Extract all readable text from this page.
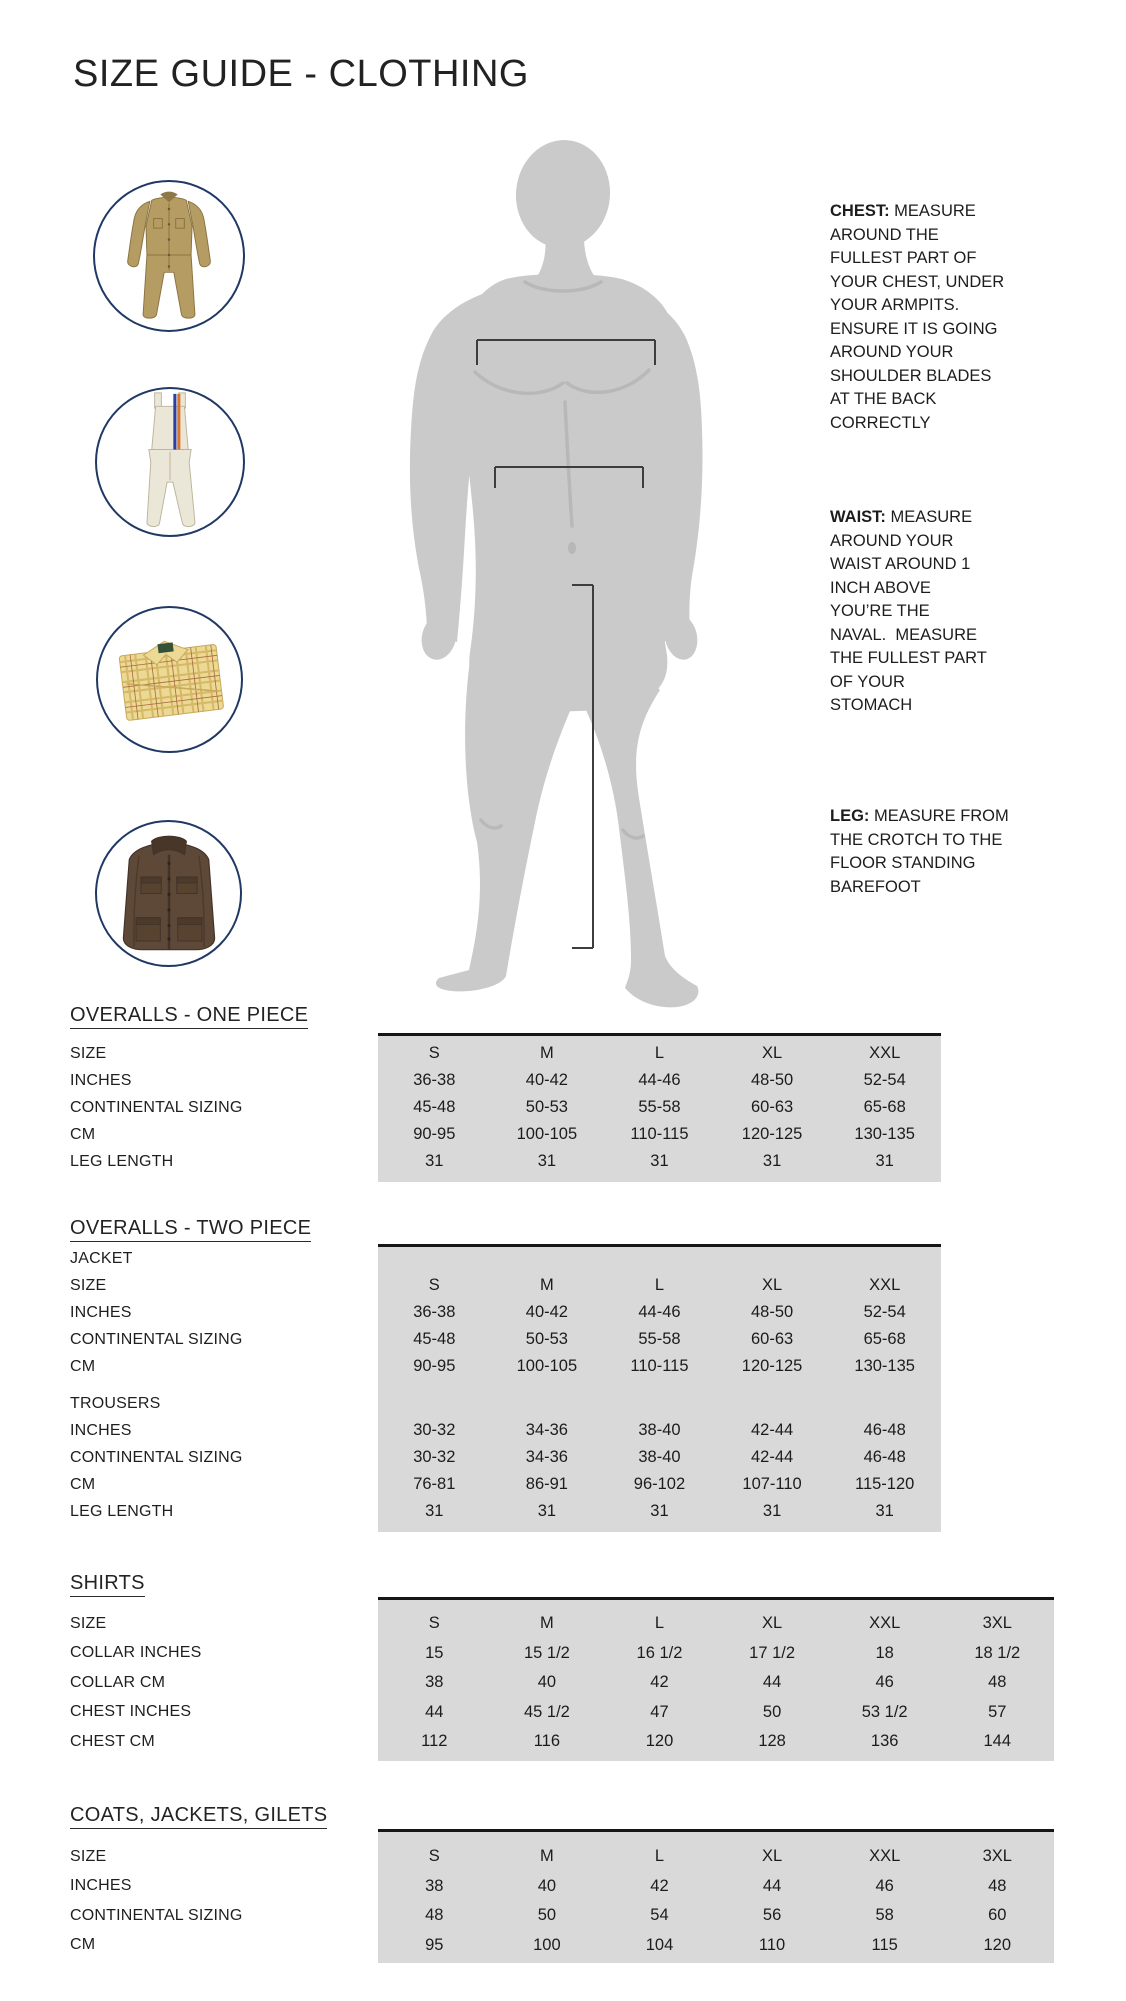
SIZE GUIDE - CLOTHING
CHEST: MEASURE
AROUND THE
FULLEST PART OF
YOUR CHEST, UNDER
YOUR ARMPITS.
ENSURE IT IS GOING
AROUND YOUR
SHOULDER BLADES
AT THE BACK
CORRECTLY
WAIST: MEASURE
AROUND YOUR
WAIST AROUND 1
INCH ABOVE
YOU’RE THE
NAVAL.  MEASURE
THE FULLEST PART
OF YOUR
STOMACH
LEG: MEASURE FROM
THE CROTCH TO THE
FLOOR STANDING
BAREFOOT
OVERALLS - ONE PIECE
SIZE	S	M	L	XL	XXL
INCHES	36-38	40-42	44-46	48-50	52-54
CONTINENTAL SIZING	45-48	50-53	55-58	60-63	65-68
CM	90-95	100-105	110-115	120-125	130-135
LEG LENGTH	31	31	31	31	31
OVERALLS - TWO PIECE
JACKET
SIZE	S	M	L	XL	XXL
INCHES	36-38	40-42	44-46	48-50	52-54
CONTINENTAL SIZING	45-48	50-53	55-58	60-63	65-68
CM	90-95	100-105	110-115	120-125	130-135
TROUSERS
INCHES	30-32	34-36	38-40	42-44	46-48
CONTINENTAL SIZING	30-32	34-36	38-40	42-44	46-48
CM	76-81	86-91	96-102	107-110	115-120
LEG LENGTH	31	31	31	31	31
SHIRTS
SIZE	S	M	L	XL	XXL	3XL
COLLAR INCHES	15	15 1/2	16 1/2	17 1/2	18	18 1/2
COLLAR CM	38	40	42	44	46	48
CHEST INCHES	44	45 1/2	47	50	53 1/2	57
CHEST CM	112	116	120	128	136	144
COATS, JACKETS, GILETS
SIZE	S	M	L	XL	XXL	3XL
INCHES	38	40	42	44	46	48
CONTINENTAL SIZING	48	50	54	56	58	60
CM	95	100	104	110	115	120
